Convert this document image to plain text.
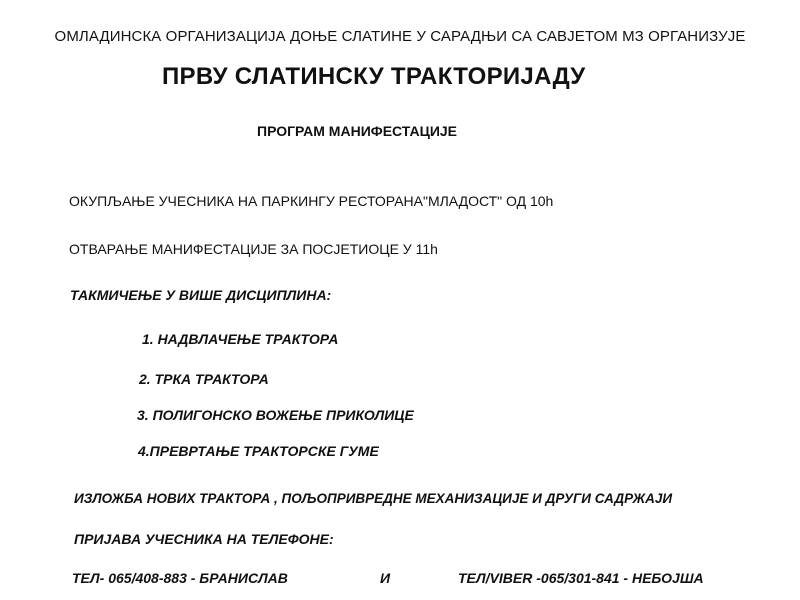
ОМЛАДИНСКА ОРГАНИЗАЦИЈА ДОЊЕ СЛАТИНЕ У САРАДЊИ СА САВЈЕТОМ МЗ ОРГАНИЗУЈЕ
ПРВУ СЛАТИНСКУ ТРАКТОРИЈАДУ
ПРОГРАМ МАНИФЕСТАЦИЈЕ
ОКУПЉАЊЕ УЧЕСНИКА НА ПАРКИНГУ РЕСТОРАНА"МЛАДОСТ" ОД 10h
ОТВАРАЊЕ МАНИФЕСТАЦИЈЕ ЗА ПОСЈЕТИОЦЕ У 11h
ТАКМИЧЕЊЕ У ВИШЕ ДИСЦИПЛИНА:
1. НАДВЛАЧЕЊЕ ТРАКТОРА
2. ТРКА ТРАКТОРА
3. ПОЛИГОНСКО ВОЖЕЊЕ ПРИКОЛИЦЕ
4.ПРЕВРТАЊЕ ТРАКТОРСКЕ ГУМЕ
ИЗЛОЖБА НОВИХ ТРАКТОРА , ПОЉОПРИВРЕДНЕ МЕХАНИЗАЦИЈЕ И ДРУГИ САДРЖАЈИ
ПРИЈАВА УЧЕСНИКА НА ТЕЛЕФОНЕ:
ТЕЛ- 065/408-883 - БРАНИСЛАВ	И	ТЕЛ/VIBER -065/301-841 - НЕБОЈША
